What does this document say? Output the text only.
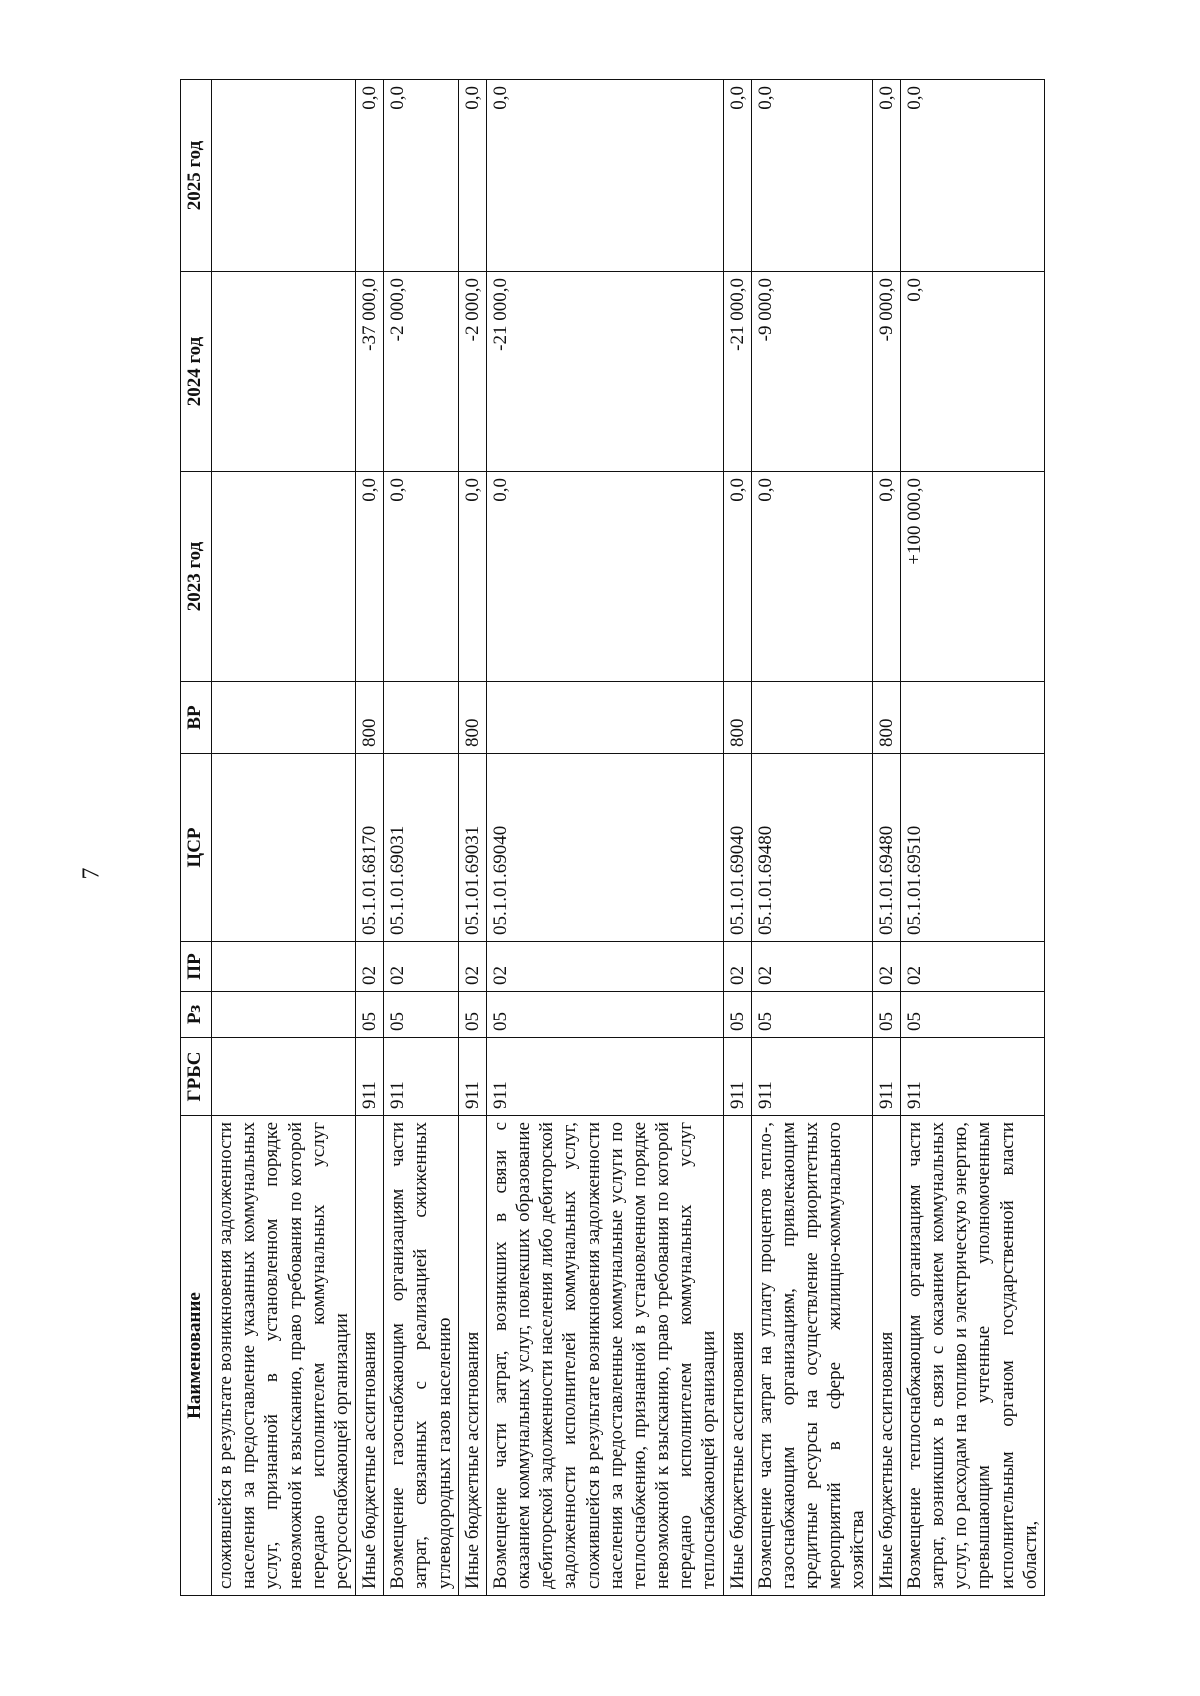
7
Наименование	ГРБС	Рз	ПР	ЦСР	ВР	2023 год	2024 год	2025 год
сложившейся в результате возникновения задолженности населения за предоставление указанных коммунальных услуг, признанной в установленном порядке невозможной к взысканию, право требования по которой передано исполнителем коммунальных услуг ресурсоснабжающей организации								
Иные бюджетные ассигнования	911	05	02	05.1.01.68170	800	0,0	-37 000,0	0,0
Возмещение газоснабжающим организациям части затрат, связанных с реализацией сжиженных углеводородных газов населению	911	05	02	05.1.01.69031		0,0	-2 000,0	0,0
Иные бюджетные ассигнования	911	05	02	05.1.01.69031	800	0,0	-2 000,0	0,0
Возмещение части затрат, возникших в связи с оказанием коммунальных услуг, повлекших образование дебиторской задолженности населения либо дебиторской задолженности исполнителей коммунальных услуг, сложившейся в результате возникновения задолженности населения за предоставленные коммунальные услуги по теплоснабжению, признанной в установленном порядке невозможной к взысканию, право требования по которой передано исполнителем коммунальных услуг теплоснабжающей организации	911	05	02	05.1.01.69040		0,0	-21 000,0	0,0
Иные бюджетные ассигнования	911	05	02	05.1.01.69040	800	0,0	-21 000,0	0,0
Возмещение части затрат на уплату процентов тепло-, газоснабжающим организациям, привлекающим кредитные ресурсы на осуществление приоритетных мероприятий в сфере жилищно-коммунального хозяйства	911	05	02	05.1.01.69480		0,0	-9 000,0	0,0
Иные бюджетные ассигнования	911	05	02	05.1.01.69480	800	0,0	-9 000,0	0,0
Возмещение теплоснабжающим организациям части затрат, возникших в связи с оказанием коммунальных услуг, по расходам на топливо и электрическую энергию, превышающим учтенные уполномоченным исполнительным органом государственной власти области,	911	05	02	05.1.01.69510		+100 000,0	0,0	0,0
